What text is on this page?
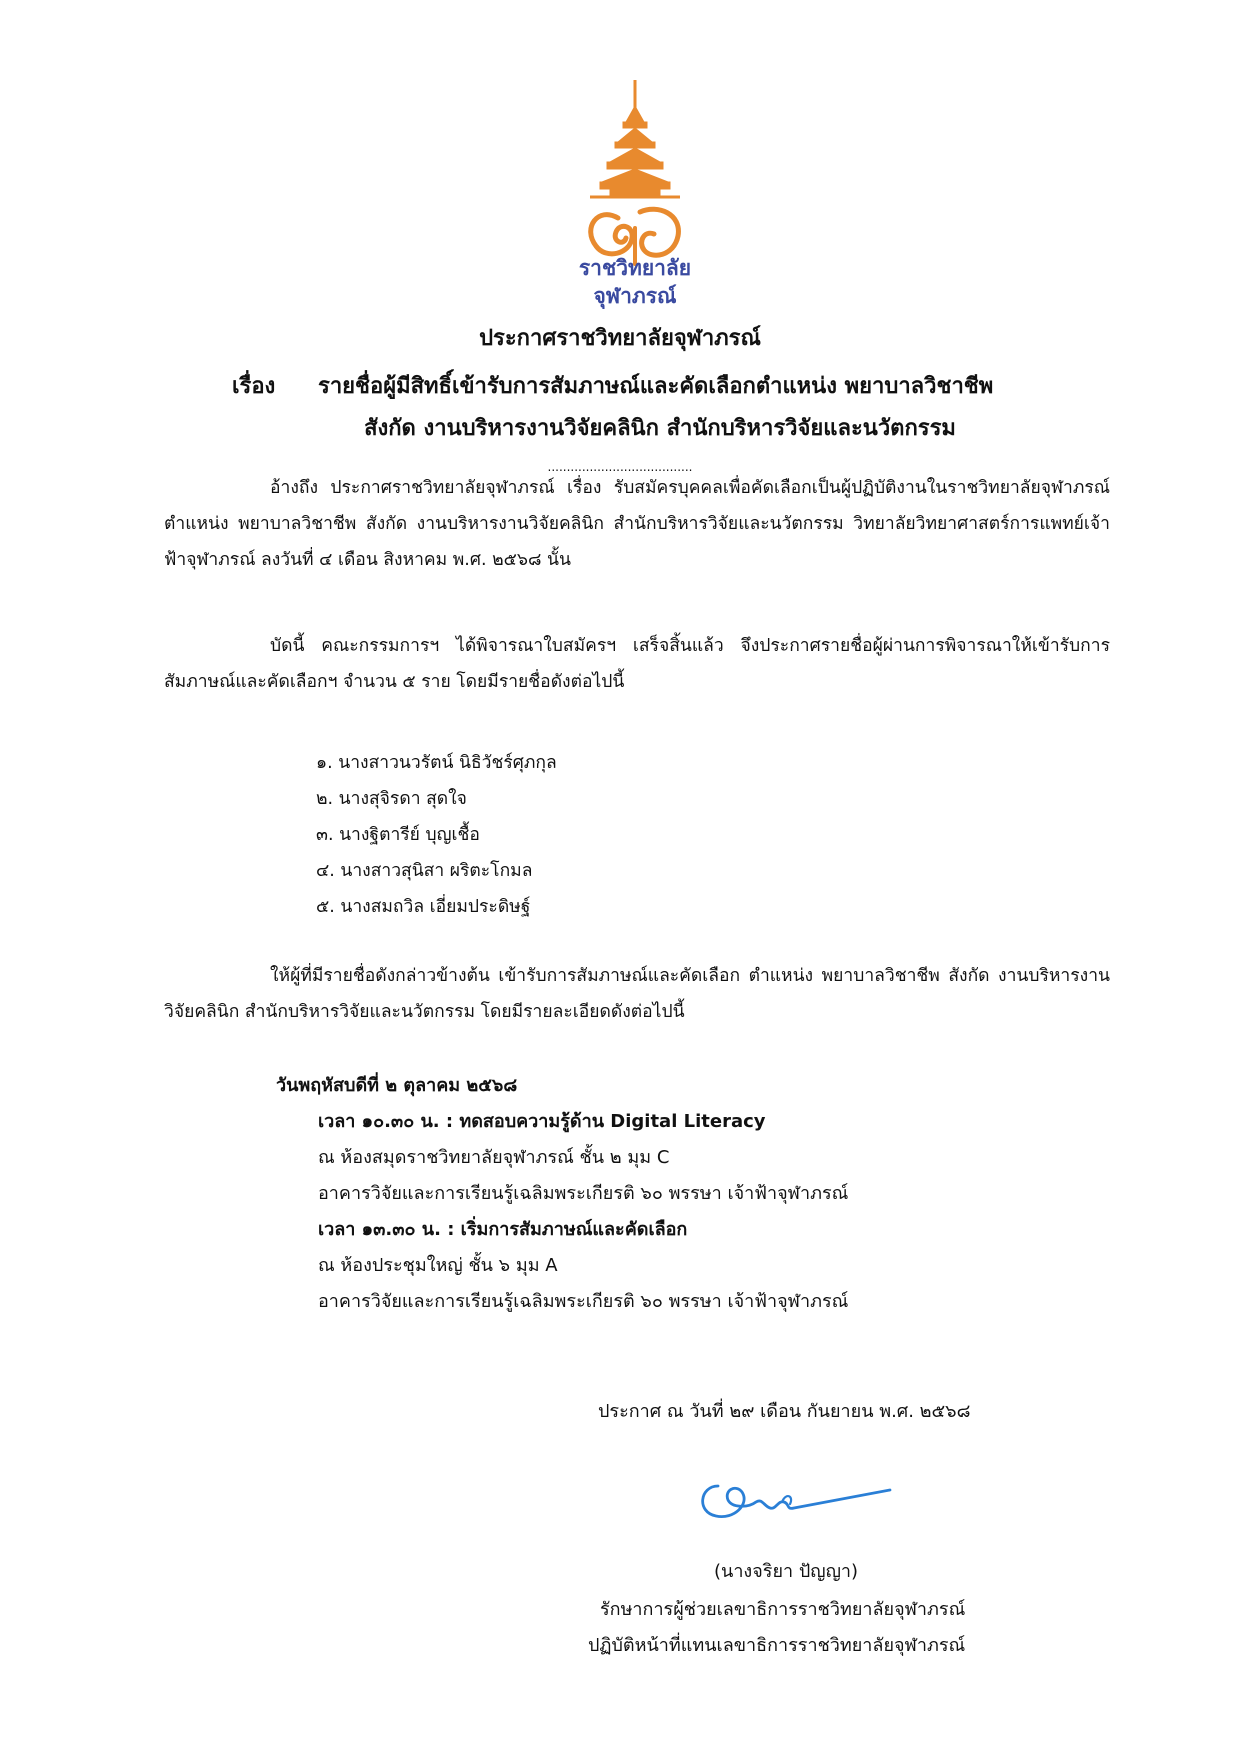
ราชวิทยาลัย
จุฬาภรณ์
ประกาศราชวิทยาลัยจุฬาภรณ์
เรื่อง รายชื่อผู้มีสิทธิ์เข้ารับการสัมภาษณ์และคัดเลือกตำแหน่ง พยาบาลวิชาชีพ
สังกัด งานบริหารงานวิจัยคลินิก สำนักบริหารวิจัยและนวัตกรรม
......................................

อ้างถึง ประกาศราชวิทยาลัยจุฬาภรณ์ เรื่อง รับสมัครบุคคลเพื่อคัดเลือกเป็นผู้ปฏิบัติงานในราชวิทยาลัยจุฬาภรณ์ ตำแหน่ง พยาบาลวิชาชีพ สังกัด งานบริหารงานวิจัยคลินิก สำนักบริหารวิจัยและนวัตกรรม วิทยาลัยวิทยาศาสตร์การแพทย์เจ้าฟ้าจุฬาภรณ์ ลงวันที่ ๔ เดือน สิงหาคม พ.ศ. ๒๕๖๘ นั้น

บัดนี้ คณะกรรมการฯ ได้พิจารณาใบสมัครฯ เสร็จสิ้นแล้ว จึงประกาศรายชื่อผู้ผ่านการพิจารณาให้เข้ารับการสัมภาษณ์และคัดเลือกฯ จำนวน ๕ ราย โดยมีรายชื่อดังต่อไปนี้

๑. นางสาวนวรัตน์ นิธิวัชร์ศุภกุล
๒. นางสุจิรดา สุดใจ
๓. นางฐิตารีย์ บุญเชื้อ
๔. นางสาวสุนิสา ผริตะโกมล
๕. นางสมถวิล เอี่ยมประดิษฐ์

ให้ผู้ที่มีรายชื่อดังกล่าวข้างต้น เข้ารับการสัมภาษณ์และคัดเลือก ตำแหน่ง พยาบาลวิชาชีพ สังกัด งานบริหารงานวิจัยคลินิก สำนักบริหารวิจัยและนวัตกรรม โดยมีรายละเอียดดังต่อไปนี้

วันพฤหัสบดีที่ ๒ ตุลาคม ๒๕๖๘
เวลา ๑๐.๓๐ น. : ทดสอบความรู้ด้าน Digital Literacy
ณ ห้องสมุดราชวิทยาลัยจุฬาภรณ์ ชั้น ๒ มุม C
อาคารวิจัยและการเรียนรู้เฉลิมพระเกียรติ ๖๐ พรรษา เจ้าฟ้าจุฬาภรณ์
เวลา ๑๓.๓๐ น. : เริ่มการสัมภาษณ์และคัดเลือก
ณ ห้องประชุมใหญ่ ชั้น ๖ มุม A
อาคารวิจัยและการเรียนรู้เฉลิมพระเกียรติ ๖๐ พรรษา เจ้าฟ้าจุฬาภรณ์
ประกาศ ณ วันที่ ๒๙ เดือน กันยายน พ.ศ. ๒๕๖๘
(นางจริยา ปัญญา)
รักษาการผู้ช่วยเลขาธิการราชวิทยาลัยจุฬาภรณ์
ปฏิบัติหน้าที่แทนเลขาธิการราชวิทยาลัยจุฬาภรณ์
